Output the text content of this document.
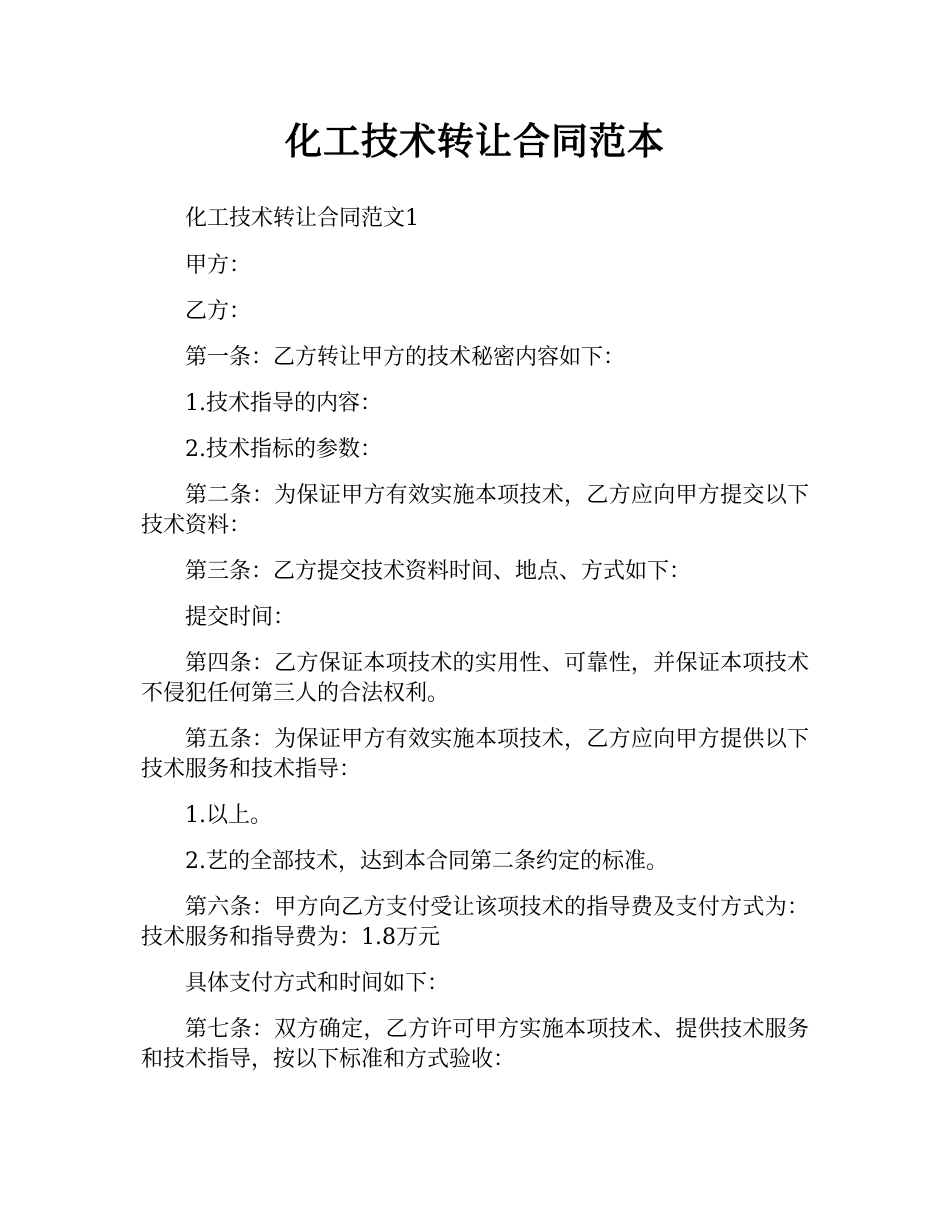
化工技术转让合同范本

化工技术转让合同范文1

甲方：

乙方：

第一条：乙方转让甲方的技术秘密内容如下：

1.技术指导的内容：

2.技术指标的参数：

第二条：为保证甲方有效实施本项技术，乙方应向甲方提交以下技术资料：

第三条：乙方提交技术资料时间、地点、方式如下：

提交时间：

第四条：乙方保证本项技术的实用性、可靠性，并保证本项技术不侵犯任何第三人的合法权利。

第五条：为保证甲方有效实施本项技术，乙方应向甲方提供以下技术服务和技术指导：

1.以上。

2.艺的全部技术，达到本合同第二条约定的标准。

第六条：甲方向乙方支付受让该项技术的指导费及支付方式为：技术服务和指导费为：1.8万元

具体支付方式和时间如下：

第七条：双方确定，乙方许可甲方实施本项技术、提供技术服务和技术指导，按以下标准和方式验收：
